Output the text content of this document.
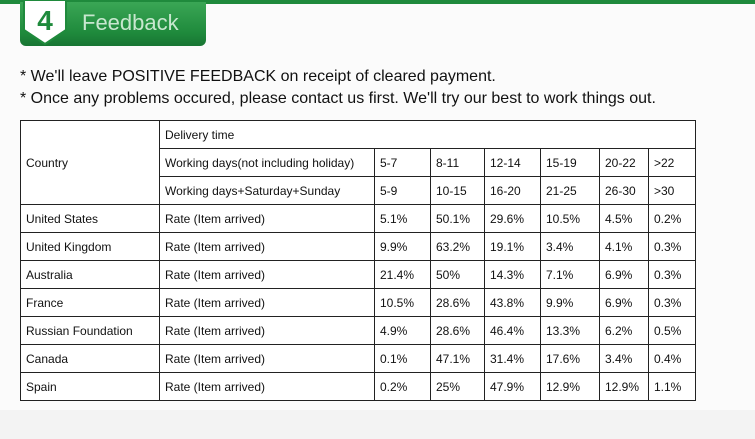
4	Feedback
* We'll leave POSITIVE FEEDBACK on receipt of cleared payment.
* Once any problems occured, please contact us first. We'll try our best to work things out.
Country	Delivery time						
	Working days(not including holiday)	5-7	8-11	12-14	15-19	20-22	>22
	Working days+Saturday+Sunday	5-9	10-15	16-20	21-25	26-30	>30
United States	Rate (Item arrived)	5.1%	50.1%	29.6%	10.5%	4.5%	0.2%
United Kingdom	Rate (Item arrived)	9.9%	63.2%	19.1%	3.4%	4.1%	0.3%
Australia	Rate (Item arrived)	21.4%	50%	14.3%	7.1%	6.9%	0.3%
France	Rate (Item arrived)	10.5%	28.6%	43.8%	9.9%	6.9%	0.3%
Russian Foundation	Rate (Item arrived)	4.9%	28.6%	46.4%	13.3%	6.2%	0.5%
Canada	Rate (Item arrived)	0.1%	47.1%	31.4%	17.6%	3.4%	0.4%
Spain	Rate (Item arrived)	0.2%	25%	47.9%	12.9%	12.9%	1.1%
